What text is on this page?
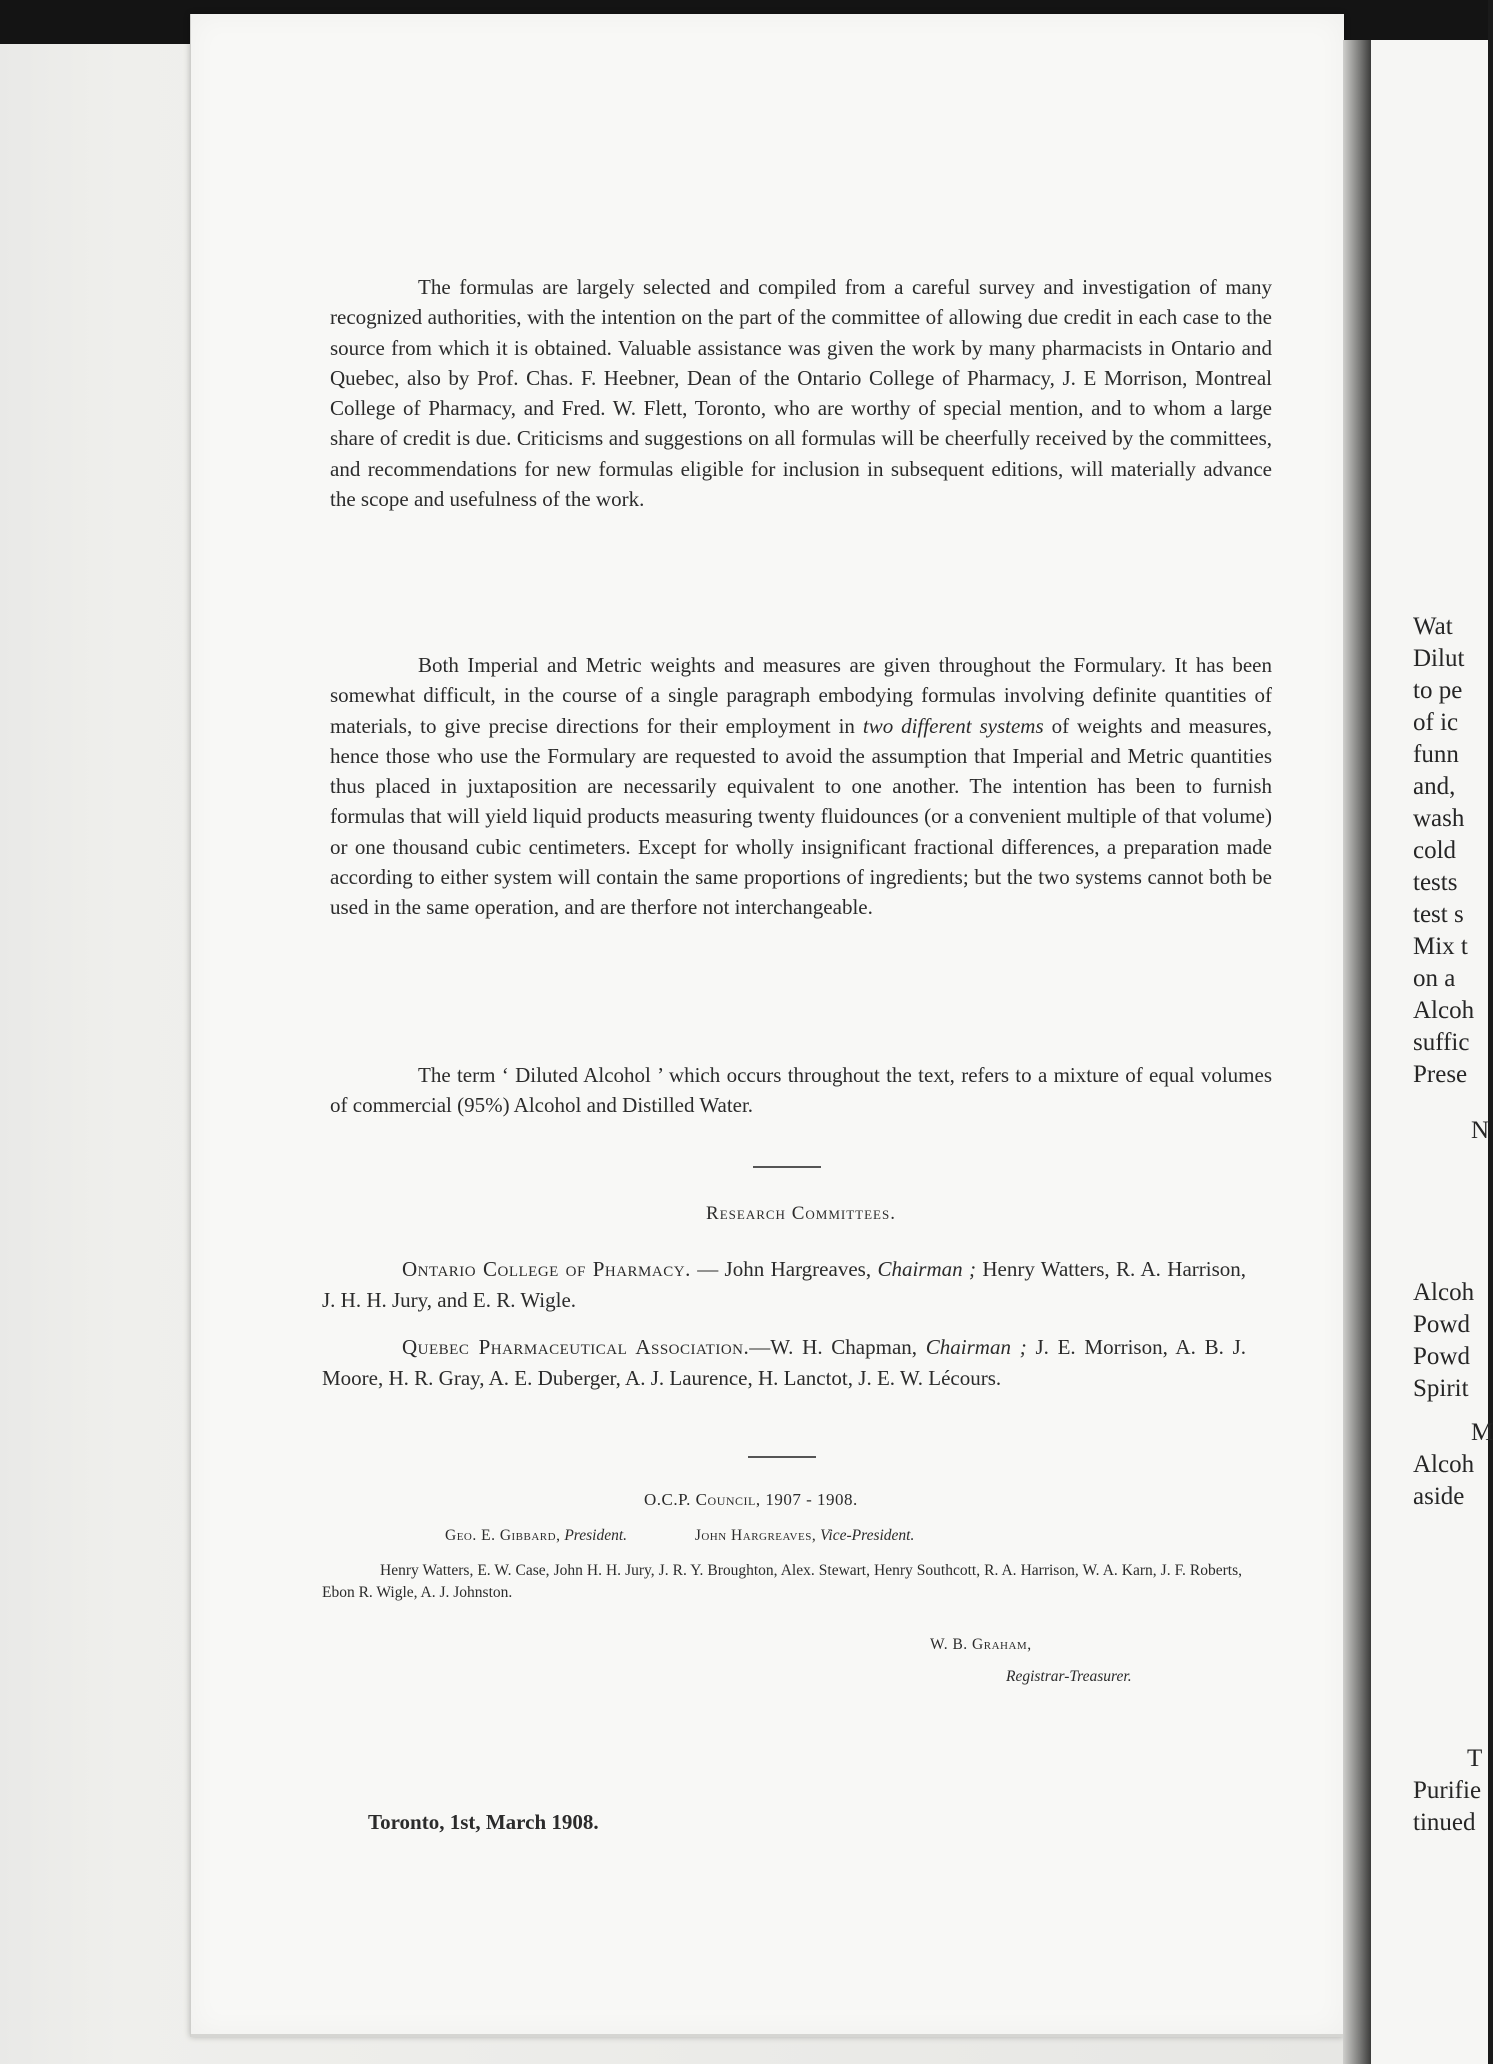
The formulas are largely selected and compiled from a careful survey and investigation of many recognized authorities, with the intention on the part of the committee of allowing due credit in each case to the source from which it is obtained. Valuable assistance was given the work by many pharmacists in Ontario and Quebec, also by Prof. Chas. F. Heebner, Dean of the Ontario College of Pharmacy, J. E Morrison, Montreal College of Pharmacy, and Fred. W. Flett, Toronto, who are worthy of special mention, and to whom a large share of credit is due. Criticisms and suggestions on all formulas will be cheerfully received by the committees, and recommendations for new formulas eligible for inclusion in subsequent editions, will materially advance the scope and usefulness of the work.

Both Imperial and Metric weights and measures are given throughout the Formulary. It has been somewhat difficult, in the course of a single paragraph embodying formulas involving definite quantities of materials, to give precise directions for their employment in two different systems of weights and measures, hence those who use the Formulary are requested to avoid the assumption that Imperial and Metric quantities thus placed in juxtaposition are necessarily equivalent to one another. The intention has been to furnish formulas that will yield liquid products measuring twenty fluidounces (or a convenient multiple of that volume) or one thousand cubic centimeters. Except for wholly insignificant fractional differences, a preparation made according to either system will contain the same proportions of ingredients; but the two systems cannot both be used in the same operation, and are therfore not interchangeable.

The term ‘ Diluted Alcohol ’ which occurs throughout the text, refers to a mixture of equal volumes of commercial (95%) Alcohol and Distilled Water.

Research Committees.

Ontario College of Pharmacy. — John Hargreaves, Chairman ; Henry Watters, R. A. Harrison, J. H. H. Jury, and E. R. Wigle.

Quebec Pharmaceutical Association.—W. H. Chapman, Chairman ; J. E. Morrison, A. B. J. Moore, H. R. Gray, A. E. Duberger, A. J. Laurence, H. Lanctot, J. E. W. Lécours.

O.C.P. Council, 1907 - 1908.
Geo. E. Gibbard, President.	John Hargreaves, Vice-President.
Henry Watters, E. W. Case, John H. H. Jury, J. R. Y. Broughton, Alex. Stewart, Henry Southcott, R. A. Harrison, W. A. Karn, J. F. Roberts, Ebon R. Wigle, A. J. Johnston.
W. B. Graham,
Registrar-Treasurer.
Toronto, 1st, March 1908.
Wat
Dilut
to pe
of ic
funn
and,
wash
cold
tests
test s
Mix t
on a
Alcoh
suffic
Prese
N
Alcoh
Powd
Powd
Spirit
M
Alcoh
aside
T
Purifie
tinued
